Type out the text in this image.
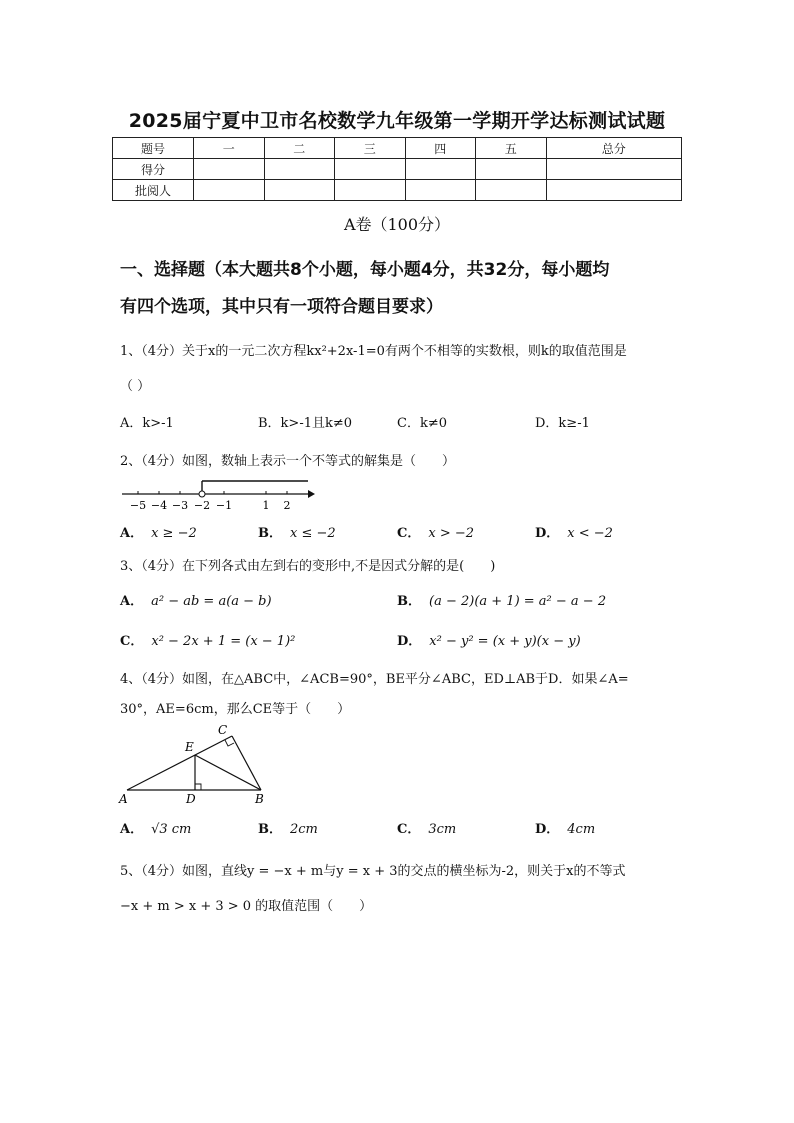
2025届宁夏中卫市名校数学九年级第一学期开学达标测试试题
题号	一	二	三	四	五	总分
得分						
批阅人						
A卷（100分）
一、选择题（本大题共8个小题，每小题4分，共32分，每小题均
有四个选项，其中只有一项符合题目要求）
1、（4分）关于x的一元二次方程kx²+2x-1=0有两个不相等的实数根，则k的取值范围是
（ ）
A．k>-1	B．k>-1且k≠0	C．k≠0	D．k≥-1
2、（4分）如图，数轴上表示一个不等式的解集是（　　）
−5 −4 −3 −2 −1	1 2
A． x ≥ −2	B． x ≤ −2	C． x > −2	D． x < −2
3、（4分）在下列各式由左到右的变形中,不是因式分解的是(　　)
A． a² − ab = a(a − b)	B． (a − 2)(a + 1) = a² − a − 2
C． x² − 2x + 1 = (x − 1)²	D． x² − y² = (x + y)(x − y)
4、（4分）如图，在△ABC中，∠ACB=90°，BE平分∠ABC，ED⊥AB于D．如果∠A=
30°，AE=6cm，那么CE等于（　　）
C
E
A	D	B
A． √3 cm	B． 2cm	C． 3cm	D． 4cm
5、（4分）如图，直线y = −x + m与y = x + 3的交点的横坐标为-2，则关于x的不等式
−x + m > x + 3 > 0 的取值范围（　　）
